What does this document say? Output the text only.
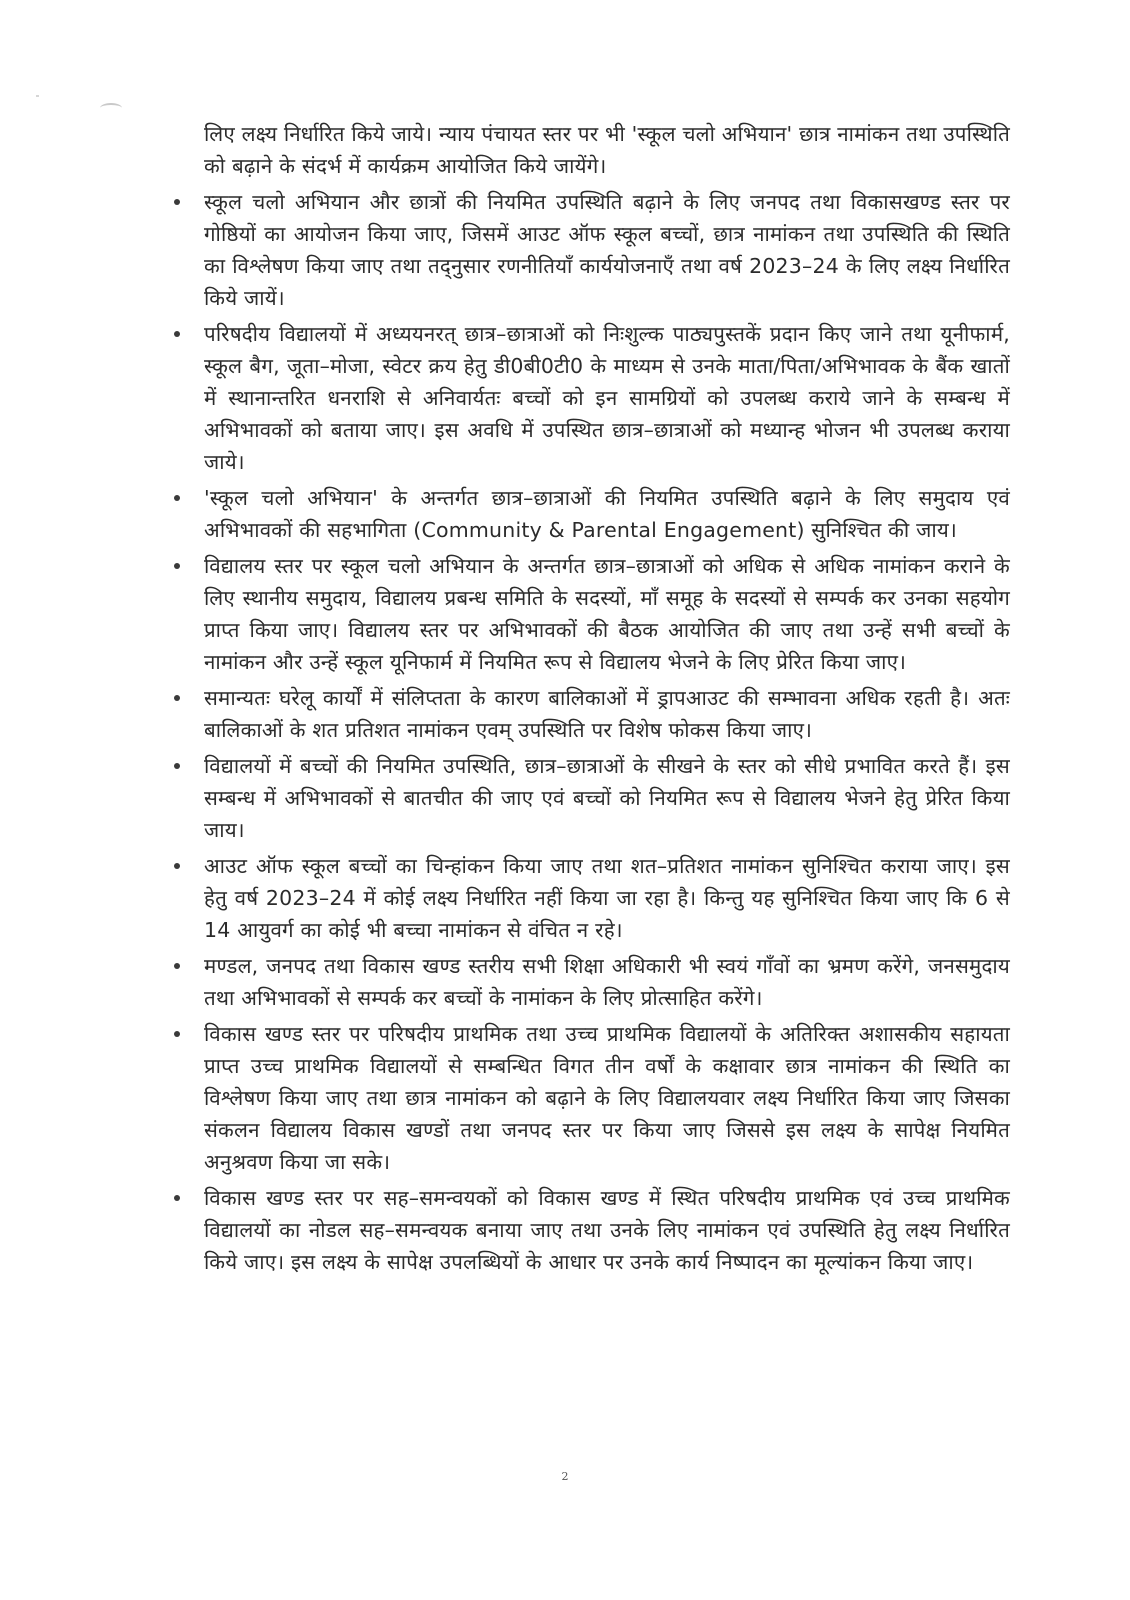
लिए लक्ष्य निर्धारित किये जाये। न्याय पंचायत स्तर पर भी 'स्कूल चलो अभियान' छात्र नामांकन तथा उपस्थिति को बढ़ाने के संदर्भ में कार्यक्रम आयोजित किये जायेंगे।

स्कूल चलो अभियान और छात्रों की नियमित उपस्थिति बढ़ाने के लिए जनपद तथा विकासखण्ड स्तर पर गोष्ठियों का आयोजन किया जाए, जिसमें आउट ऑफ स्कूल बच्चों, छात्र नामांकन तथा उपस्थिति की स्थिति का विश्लेषण किया जाए तथा तद्नुसार रणनीतियाँ कार्ययोजनाएँ तथा वर्ष 2023–24 के लिए लक्ष्य निर्धारित किये जायें।
परिषदीय विद्यालयों में अध्ययनरत् छात्र–छात्राओं को निःशुल्क पाठ्यपुस्तकें प्रदान किए जाने तथा यूनीफार्म, स्कूल बैग, जूता–मोजा, स्वेटर क्रय हेतु डी0बी0टी0 के माध्यम से उनके माता/पिता/अभिभावक के बैंक खातों में स्थानान्तरित धनराशि से अनिवार्यतः बच्चों को इन सामग्रियों को उपलब्ध कराये जाने के सम्बन्ध में अभिभावकों को बताया जाए। इस अवधि में उपस्थित छात्र–छात्राओं को मध्यान्ह भोजन भी उपलब्ध कराया जाये।
'स्कूल चलो अभियान' के अन्तर्गत छात्र–छात्राओं की नियमित उपस्थिति बढ़ाने के लिए समुदाय एवं अभिभावकों की सहभागिता (Community & Parental Engagement) सुनिश्चित की जाय।
विद्यालय स्तर पर स्कूल चलो अभियान के अन्तर्गत छात्र–छात्राओं को अधिक से अधिक नामांकन कराने के लिए स्थानीय समुदाय, विद्यालय प्रबन्ध समिति के सदस्यों, माँ समूह के सदस्यों से सम्पर्क कर उनका सहयोग प्राप्त किया जाए। विद्यालय स्तर पर अभिभावकों की बैठक आयोजित की जाए तथा उन्हें सभी बच्चों के नामांकन और उन्हें स्कूल यूनिफार्म में नियमित रूप से विद्यालय भेजने के लिए प्रेरित किया जाए।
समान्यतः घरेलू कार्यों में संलिप्तता के कारण बालिकाओं में ड्रापआउट की सम्भावना अधिक रहती है। अतः बालिकाओं के शत प्रतिशत नामांकन एवम् उपस्थिति पर विशेष फोकस किया जाए।
विद्यालयों में बच्चों की नियमित उपस्थिति, छात्र–छात्राओं के सीखने के स्तर को सीधे प्रभावित करते हैं। इस सम्बन्ध में अभिभावकों से बातचीत की जाए एवं बच्चों को नियमित रूप से विद्यालय भेजने हेतु प्रेरित किया जाय।
आउट ऑफ स्कूल बच्चों का चिन्हांकन किया जाए तथा शत–प्रतिशत नामांकन सुनिश्चित कराया जाए। इस हेतु वर्ष 2023–24 में कोई लक्ष्य निर्धारित नहीं किया जा रहा है। किन्तु यह सुनिश्चित किया जाए कि 6 से 14 आयुवर्ग का कोई भी बच्चा नामांकन से वंचित न रहे।
मण्डल, जनपद तथा विकास खण्ड स्तरीय सभी शिक्षा अधिकारी भी स्वयं गाँवों का भ्रमण करेंगे, जनसमुदाय तथा अभिभावकों से सम्पर्क कर बच्चों के नामांकन के लिए प्रोत्साहित करेंगे।
विकास खण्ड स्तर पर परिषदीय प्राथमिक तथा उच्च प्राथमिक विद्यालयों के अतिरिक्त अशासकीय सहायता प्राप्त उच्च प्राथमिक विद्यालयों से सम्बन्धित विगत तीन वर्षों के कक्षावार छात्र नामांकन की स्थिति का विश्लेषण किया जाए तथा छात्र नामांकन को बढ़ाने के लिए विद्यालयवार लक्ष्य निर्धारित किया जाए जिसका संकलन विद्यालय विकास खण्डों तथा जनपद स्तर पर किया जाए जिससे इस लक्ष्य के सापेक्ष नियमित अनुश्रवण किया जा सके।
विकास खण्ड स्तर पर सह–समन्वयकों को विकास खण्ड में स्थित परिषदीय प्राथमिक एवं उच्च प्राथमिक विद्यालयों का नोडल सह–समन्वयक बनाया जाए तथा उनके लिए नामांकन एवं उपस्थिति हेतु लक्ष्य निर्धारित किये जाए। इस लक्ष्य के सापेक्ष उपलब्धियों के आधार पर उनके कार्य निष्पादन का मूल्यांकन किया जाए।
2
